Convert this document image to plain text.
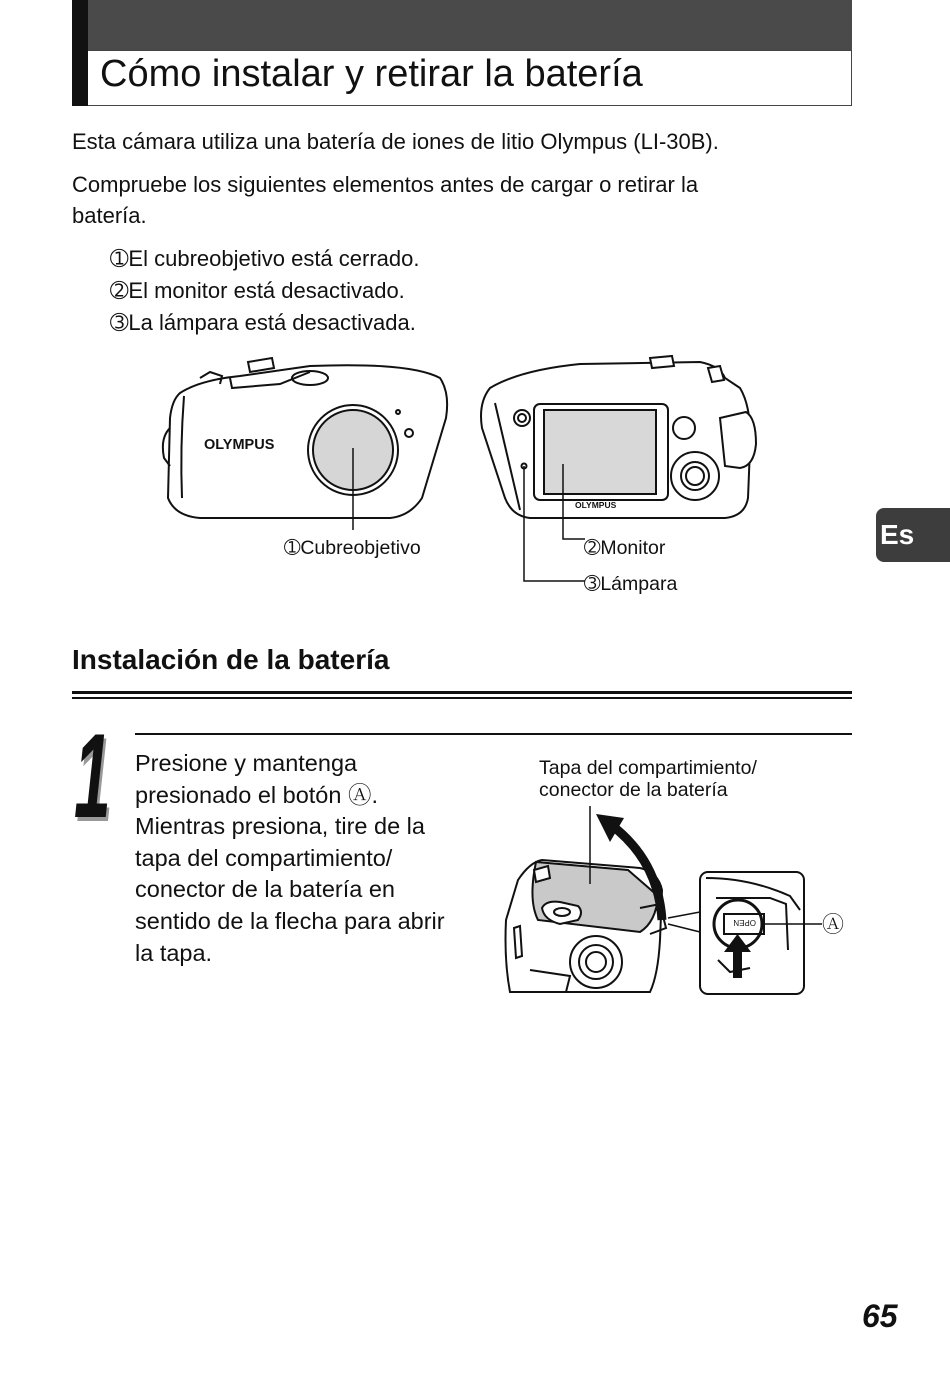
Cómo instalar y retirar la batería
Esta cámara utiliza una batería de iones de litio Olympus (LI-30B).
Compruebe los siguientes elementos antes de cargar o retirar la
batería.
➀El cubreobjetivo está cerrado.
➁El monitor está desactivado.
➂La lámpara está desactivada.
OLYMPUS
OLYMPUS
➀Cubreobjetivo	➁Monitor
➂Lámpara
Es
Instalación de la batería
1 Presione y mantenga
presionado el botón Ⓐ.
Mientras presiona, tire de la
tapa del compartimiento/
conector de la batería en
sentido de la flecha para abrir
la tapa.
Tapa del compartimiento/
conector de la batería
OPEN	Ⓐ
65
